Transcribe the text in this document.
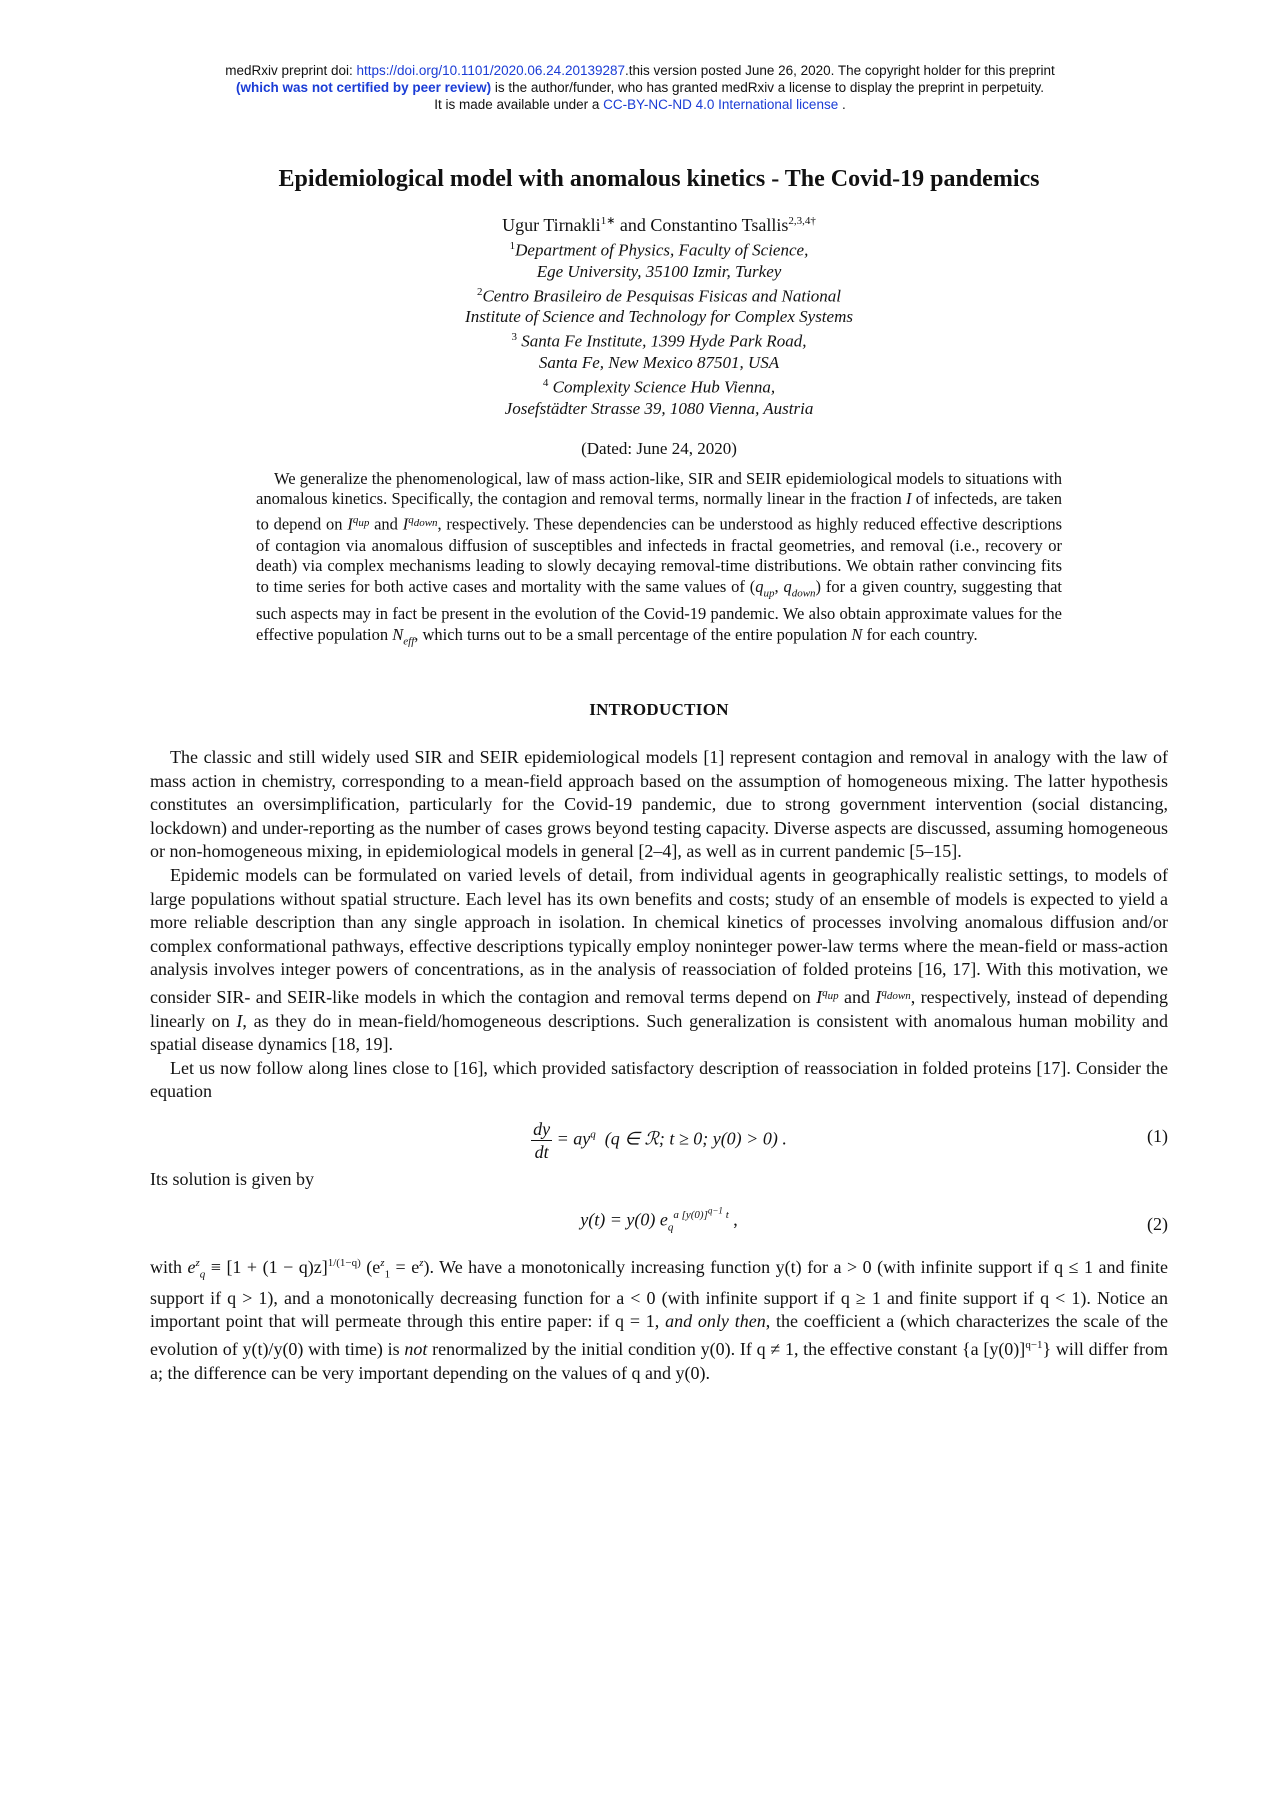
medRxiv preprint doi: https://doi.org/10.1101/2020.06.24.20139287.this version posted June 26, 2020. The copyright holder for this preprint
(which was not certified by peer review) is the author/funder, who has granted medRxiv a license to display the preprint in perpetuity.
It is made available under a CC-BY-NC-ND 4.0 International license .
Epidemiological model with anomalous kinetics - The Covid-19 pandemics
Ugur Tirnakli$^{1∗}$ and Constantino Tsallis$^{2,3,4\dagger}$
$^1$Department of Physics, Faculty of Science,
Ege University, 35100 Izmir, Turkey
$^2$Centro Brasileiro de Pesquisas Fisicas and National
Institute of Science and Technology for Complex Systems
$^3$ Santa Fe Institute, 1399 Hyde Park Road,
Santa Fe, New Mexico 87501, USA
$^4$ Complexity Science Hub Vienna,
Josefstädter Strasse 39, 1080 Vienna, Austria
(Dated: June 24, 2020)
We generalize the phenomenological, law of mass action-like, SIR and SEIR epidemiological models to situations with anomalous kinetics. Specifically, the contagion and removal terms, normally linear in the fraction I of infecteds, are taken to depend on $I^{q_{up}}$ and $I^{q_{down}}$, respectively. These dependencies can be understood as highly reduced effective descriptions of contagion via anomalous diffusion of susceptibles and infecteds in fractal geometries, and removal (i.e., recovery or death) via complex mechanisms leading to slowly decaying removal-time distributions. We obtain rather convincing fits to time series for both active cases and mortality with the same values of ($q_{up}$, $q_{down}$) for a given country, suggesting that such aspects may in fact be present in the evolution of the Covid-19 pandemic. We also obtain approximate values for the effective population $N_{eff}$, which turns out to be a small percentage of the entire population N for each country.
INTRODUCTION

The classic and still widely used SIR and SEIR epidemiological models [1] represent contagion and removal in analogy with the law of mass action in chemistry, corresponding to a mean-field approach based on the assumption of homogeneous mixing. The latter hypothesis constitutes an oversimplification, particularly for the Covid-19 pandemic, due to strong government intervention (social distancing, lockdown) and under-reporting as the number of cases grows beyond testing capacity. Diverse aspects are discussed, assuming homogeneous or non-homogeneous mixing, in epidemiological models in general [2–4], as well as in current pandemic [5–15].

Epidemic models can be formulated on varied levels of detail, from individual agents in geographically realistic settings, to models of large populations without spatial structure. Each level has its own benefits and costs; study of an ensemble of models is expected to yield a more reliable description than any single approach in isolation. In chemical kinetics of processes involving anomalous diffusion and/or complex conformational pathways, effective descriptions typically employ noninteger power-law terms where the mean-field or mass-action analysis involves integer powers of concentrations, as in the analysis of reassociation of folded proteins [16, 17]. With this motivation, we consider SIR- and SEIR-like models in which the contagion and removal terms depend on $I^{q_{up}}$ and $I^{q_{down}}$, respectively, instead of depending linearly on I, as they do in mean-field/homogeneous descriptions. Such generalization is consistent with anomalous human mobility and spatial disease dynamics [18, 19].

Let us now follow along lines close to [16], which provided satisfactory description of reassociation in folded proteins [17]. Consider the equation

$\frac{dy}{dt} = ay^q$  (q ∈ ℛ; t ≥ 0; y(0) > 0) .	(1)

Its solution is given by

y(t) = y(0) $e_q^{a [y(0)]^{q-1} t}$ ,	(2)

with $e^z_q \equiv [1 + (1 - q)z]^{1/(1-q)}$ $(e^z_1 = e^z)$. We have a monotonically increasing function y(t) for a > 0 (with infinite support if q ≤ 1 and finite support if q > 1), and a monotonically decreasing function for a < 0 (with infinite support if q ≥ 1 and finite support if q < 1). Notice an important point that will permeate through this entire paper: if q = 1, and only then, the coefficient a (which characterizes the scale of the evolution of y(t)/y(0) with time) is not renormalized by the initial condition y(0). If q ≠ 1, the effective constant {a $[y(0)]^{q-1}$} will differ from a; the difference can be very important depending on the values of q and y(0).
